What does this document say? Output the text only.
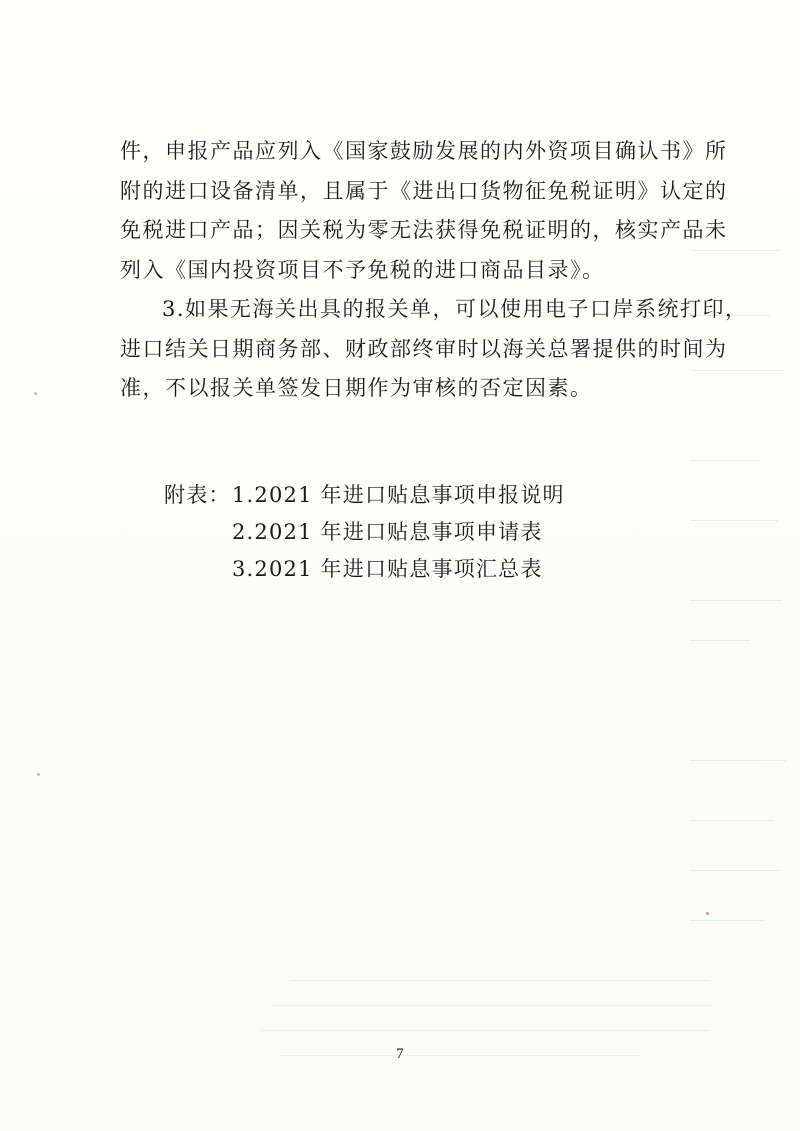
件，申报产品应列入《国家鼓励发展的内外资项目确认书》所
附的进口设备清单，且属于《进出口货物征免税证明》认定的
免税进口产品；因关税为零无法获得免税证明的，核实产品未
列入《国内投资项目不予免税的进口商品目录》。
3.如果无海关出具的报关单，可以使用电子口岸系统打印，
进口结关日期商务部、财政部终审时以海关总署提供的时间为
准，不以报关单签发日期作为审核的否定因素。
附表： 1.2021 年进口贴息事项申报说明
2.2021 年进口贴息事项申请表
3.2021 年进口贴息事项汇总表
7
